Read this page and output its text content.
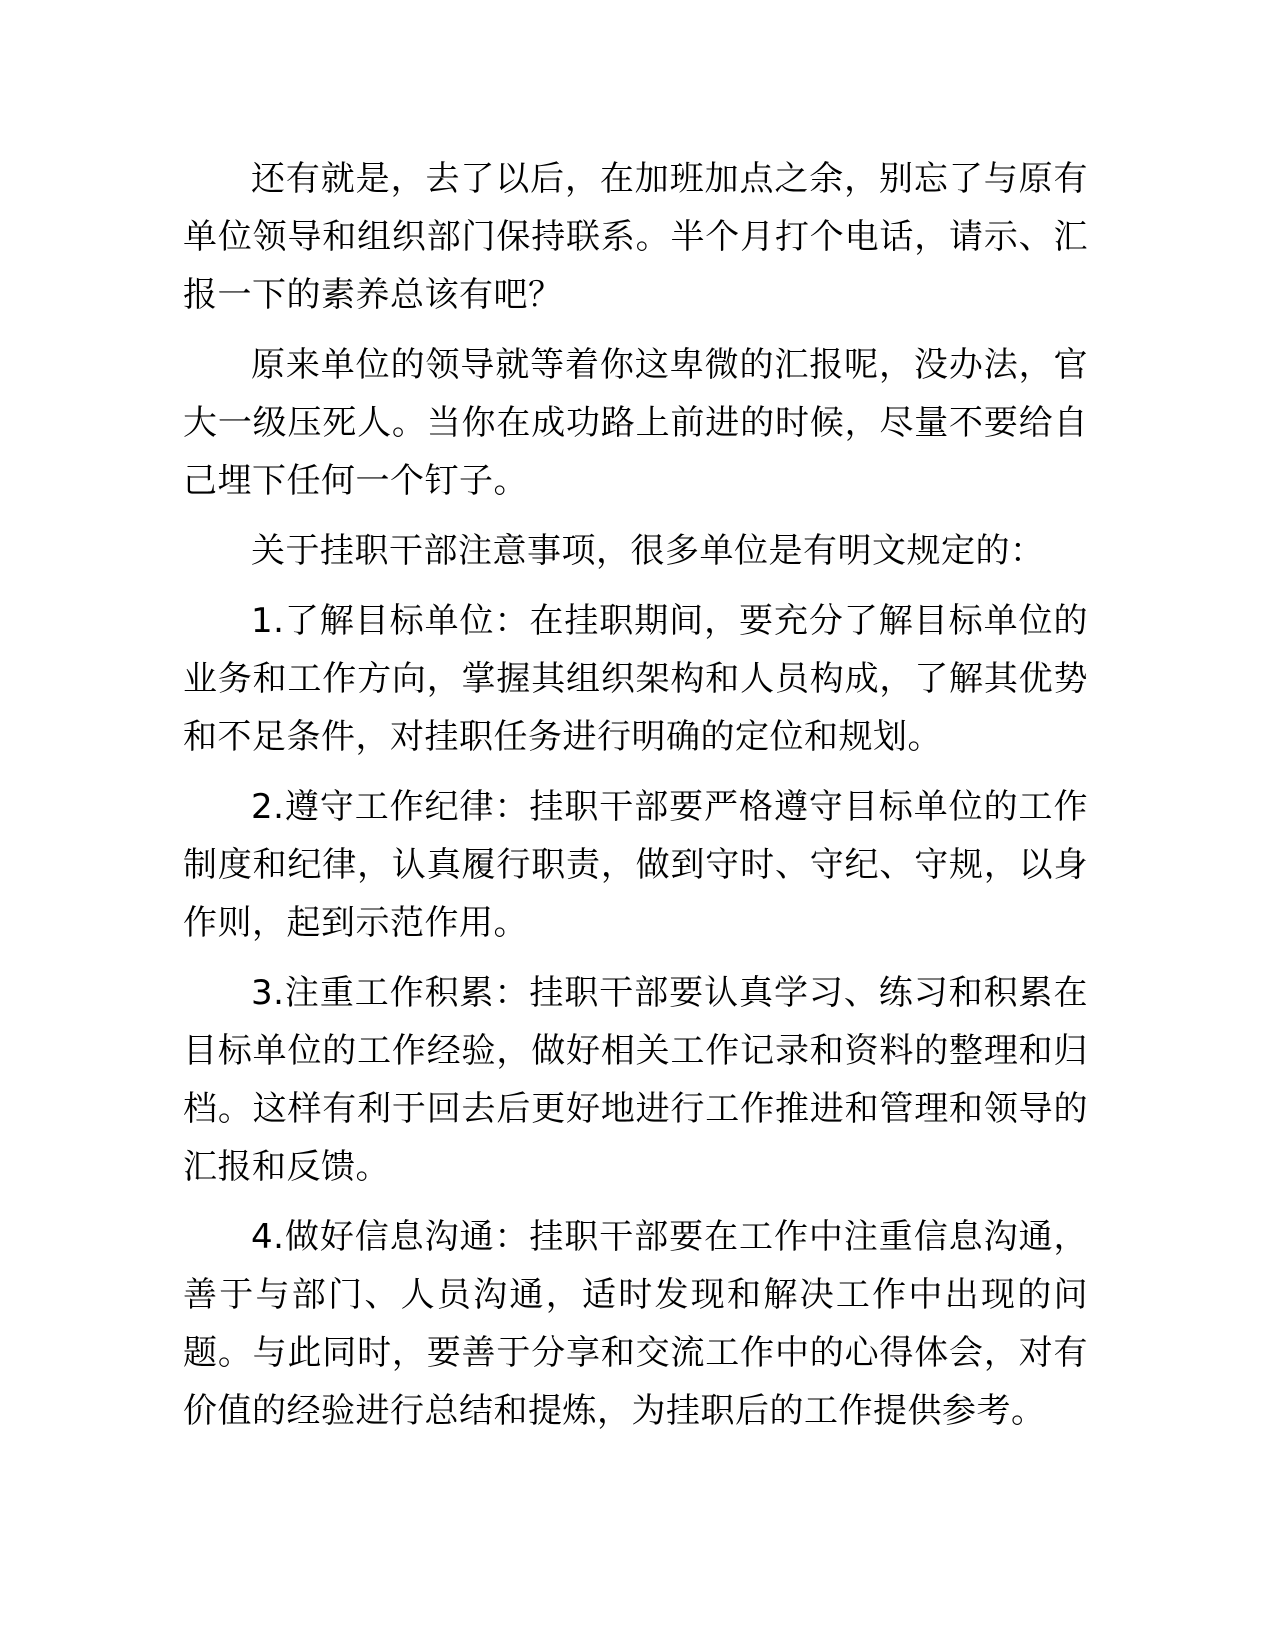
还有就是，去了以后，在加班加点之余，别忘了与原有单位领导和组织部门保持联系。半个月打个电话，请示、汇报一下的素养总该有吧？

原来单位的领导就等着你这卑微的汇报呢，没办法，官大一级压死人。当你在成功路上前进的时候，尽量不要给自己埋下任何一个钉子。

关于挂职干部注意事项，很多单位是有明文规定的：

1.了解目标单位：在挂职期间，要充分了解目标单位的业务和工作方向，掌握其组织架构和人员构成，了解其优势和不足条件，对挂职任务进行明确的定位和规划。

2.遵守工作纪律：挂职干部要严格遵守目标单位的工作制度和纪律，认真履行职责，做到守时、守纪、守规，以身作则，起到示范作用。

3.注重工作积累：挂职干部要认真学习、练习和积累在目标单位的工作经验，做好相关工作记录和资料的整理和归档。这样有利于回去后更好地进行工作推进和管理和领导的汇报和反馈。

4.做好信息沟通：挂职干部要在工作中注重信息沟通，善于与部门、人员沟通，适时发现和解决工作中出现的问题。与此同时，要善于分享和交流工作中的心得体会，对有价值的经验进行总结和提炼，为挂职后的工作提供参考。
